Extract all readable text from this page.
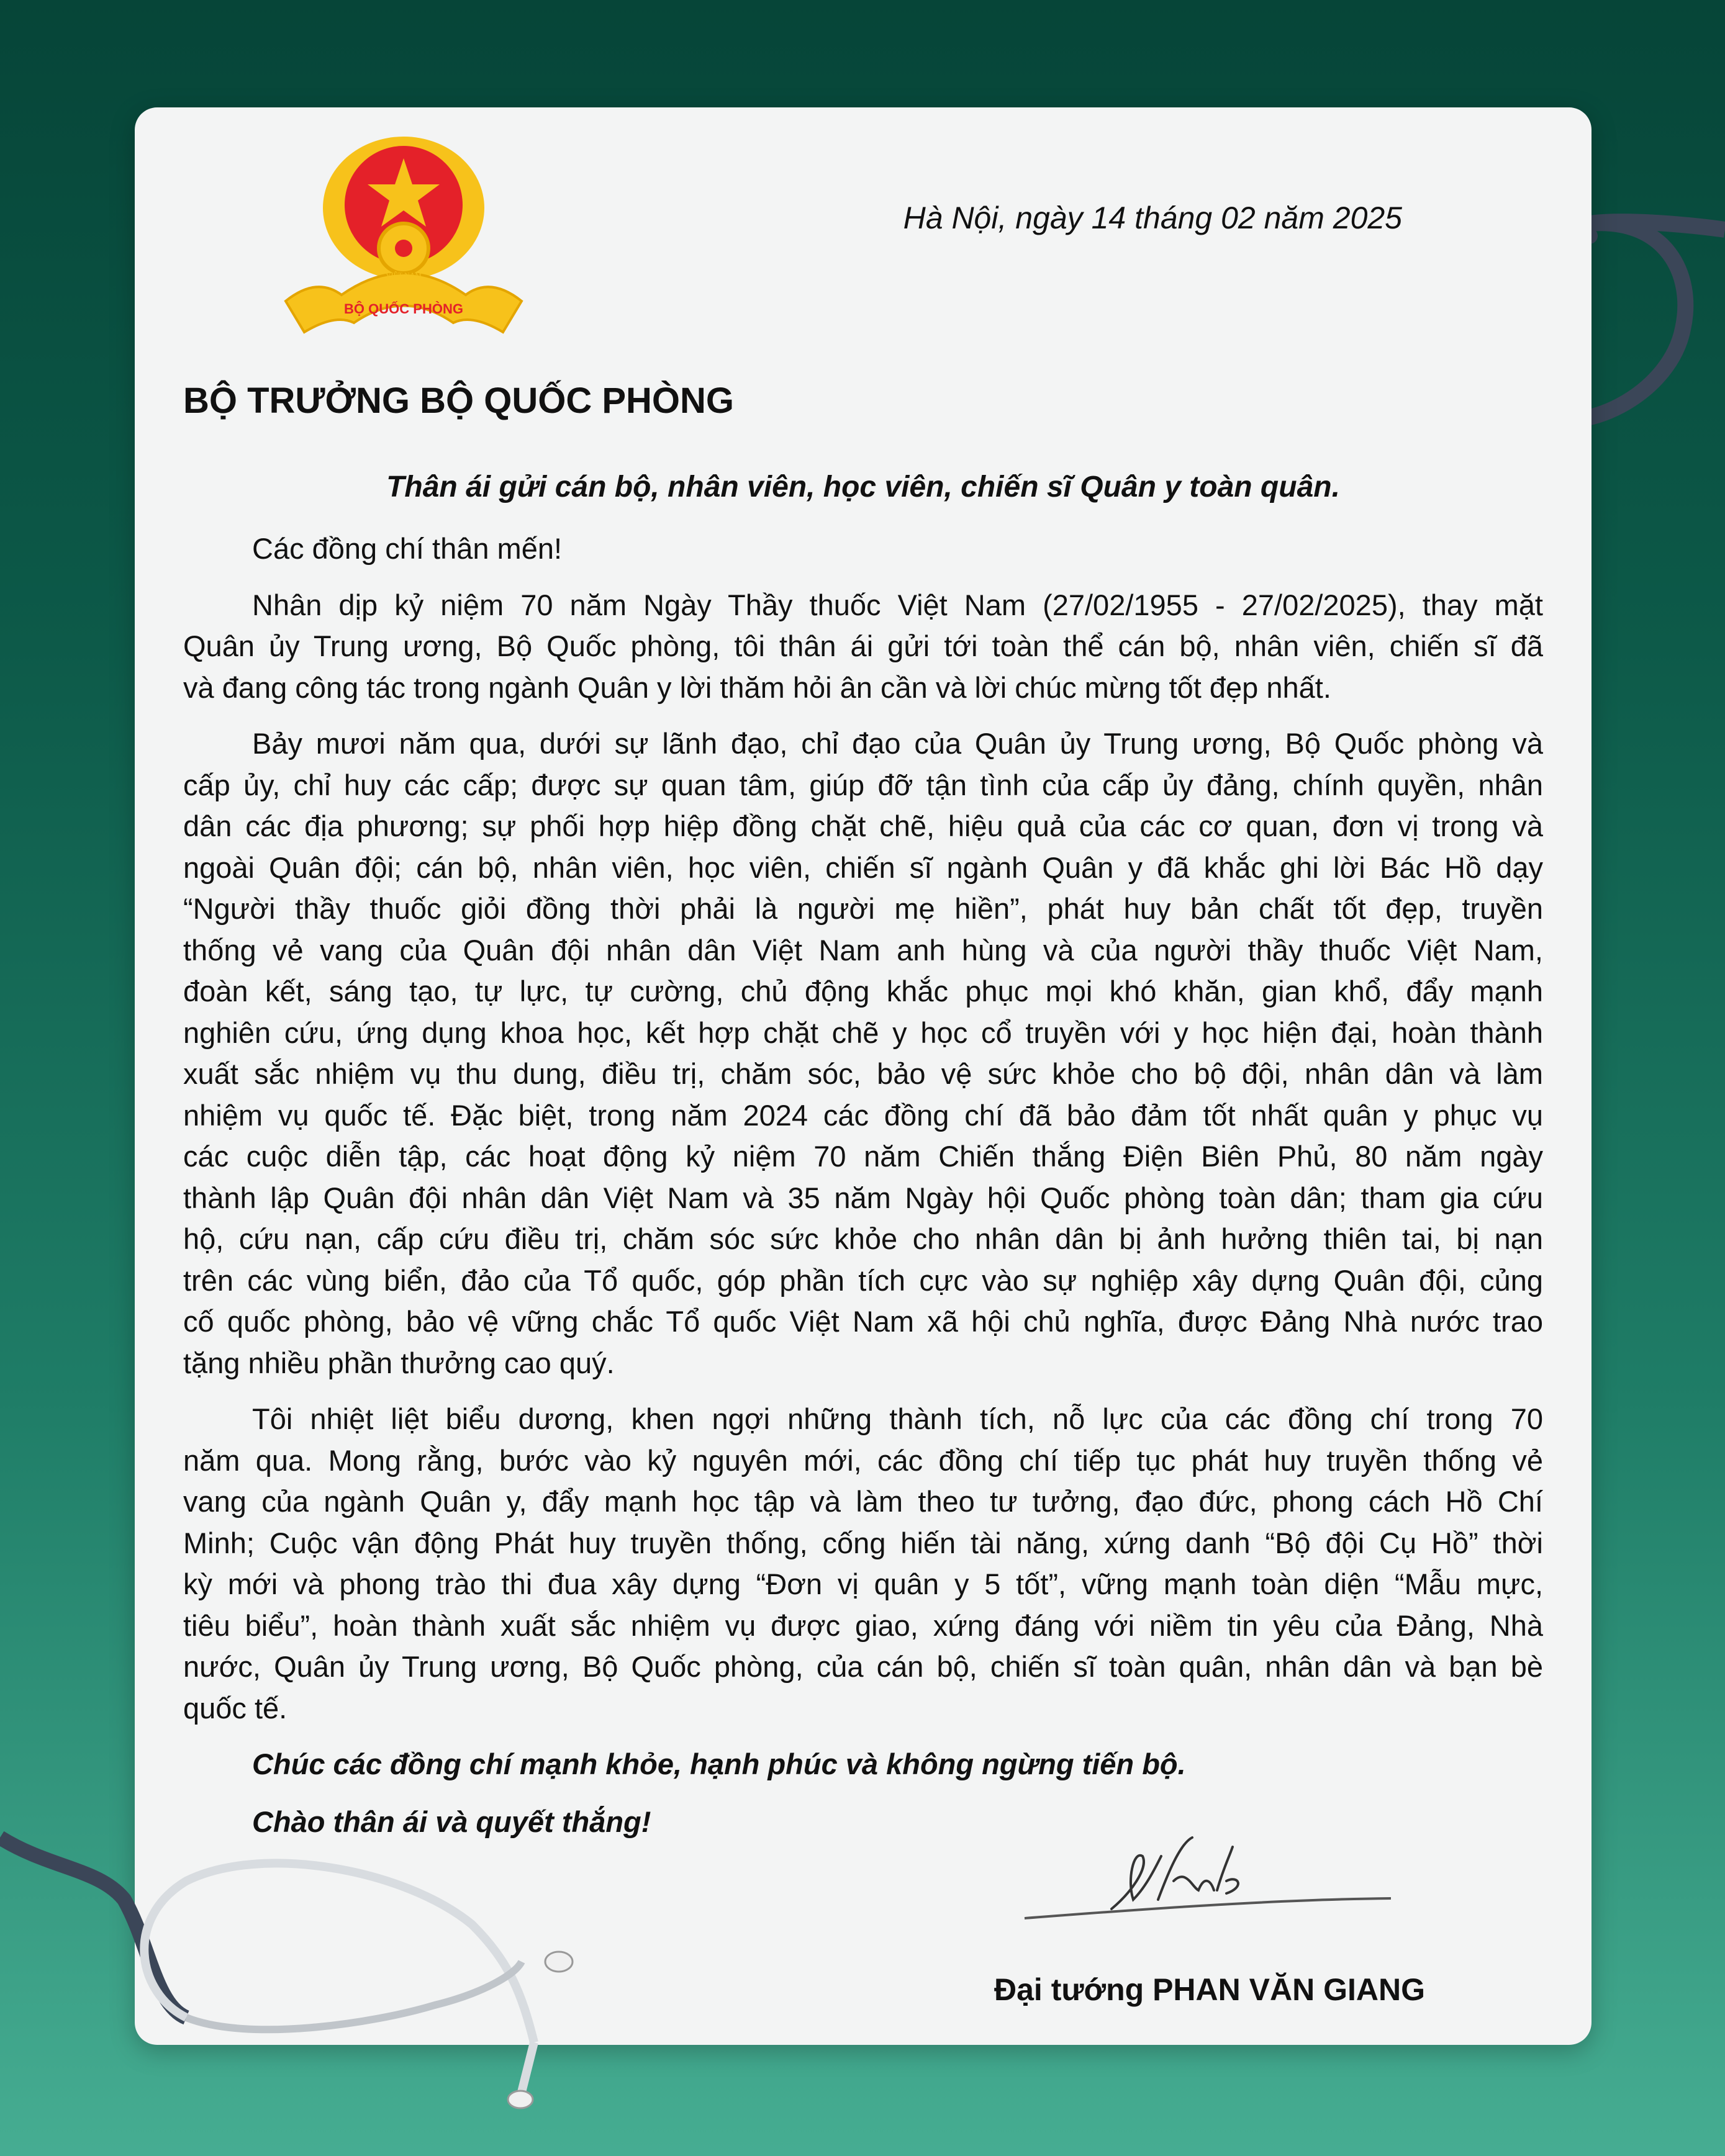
BỘ QUỐC PHÒNG
VIỆT NAM
Hà Nội, ngày 14 tháng 02 năm 2025
BỘ TRƯỞNG BỘ QUỐC PHÒNG
Thân ái gửi cán bộ, nhân viên, học viên, chiến sĩ Quân y toàn quân.
Các đồng chí thân mến!
Nhân dịp kỷ niệm 70 năm Ngày Thầy thuốc Việt Nam (27/02/1955 - 27/02/2025), thay mặt
Quân ủy Trung ương, Bộ Quốc phòng, tôi thân ái gửi tới toàn thể cán bộ, nhân viên, chiến sĩ đã
và đang công tác trong ngành Quân y lời thăm hỏi ân cần và lời chúc mừng tốt đẹp nhất.
Bảy mươi năm qua, dưới sự lãnh đạo, chỉ đạo của Quân ủy Trung ương, Bộ Quốc phòng và
cấp ủy, chỉ huy các cấp; được sự quan tâm, giúp đỡ tận tình của cấp ủy đảng, chính quyền, nhân
dân các địa phương; sự phối hợp hiệp đồng chặt chẽ, hiệu quả của các cơ quan, đơn vị trong và
ngoài Quân đội; cán bộ, nhân viên, học viên, chiến sĩ ngành Quân y đã khắc ghi lời Bác Hồ dạy
“Người thầy thuốc giỏi đồng thời phải là người mẹ hiền”, phát huy bản chất tốt đẹp, truyền
thống vẻ vang của Quân đội nhân dân Việt Nam anh hùng và của người thầy thuốc Việt Nam,
đoàn kết, sáng tạo, tự lực, tự cường, chủ động khắc phục mọi khó khăn, gian khổ, đẩy mạnh
nghiên cứu, ứng dụng khoa học, kết hợp chặt chẽ y học cổ truyền với y học hiện đại, hoàn thành
xuất sắc nhiệm vụ thu dung, điều trị, chăm sóc, bảo vệ sức khỏe cho bộ đội, nhân dân và làm
nhiệm vụ quốc tế. Đặc biệt, trong năm 2024 các đồng chí đã bảo đảm tốt nhất quân y phục vụ
các cuộc diễn tập, các hoạt động kỷ niệm 70 năm Chiến thắng Điện Biên Phủ, 80 năm ngày
thành lập Quân đội nhân dân Việt Nam và 35 năm Ngày hội Quốc phòng toàn dân; tham gia cứu
hộ, cứu nạn, cấp cứu điều trị, chăm sóc sức khỏe cho nhân dân bị ảnh hưởng thiên tai, bị nạn
trên các vùng biển, đảo của Tổ quốc, góp phần tích cực vào sự nghiệp xây dựng Quân đội, củng
cố quốc phòng, bảo vệ vững chắc Tổ quốc Việt Nam xã hội chủ nghĩa, được Đảng Nhà nước trao
tặng nhiều phần thưởng cao quý.
Tôi nhiệt liệt biểu dương, khen ngợi những thành tích, nỗ lực của các đồng chí trong 70
năm qua. Mong rằng, bước vào kỷ nguyên mới, các đồng chí tiếp tục phát huy truyền thống vẻ
vang của ngành Quân y, đẩy mạnh học tập và làm theo tư tưởng, đạo đức, phong cách Hồ Chí
Minh; Cuộc vận động Phát huy truyền thống, cống hiến tài năng, xứng danh “Bộ đội Cụ Hồ” thời
kỳ mới và phong trào thi đua xây dựng “Đơn vị quân y 5 tốt”, vững mạnh toàn diện “Mẫu mực,
tiêu biểu”, hoàn thành xuất sắc nhiệm vụ được giao, xứng đáng với niềm tin yêu của Đảng, Nhà
nước, Quân ủy Trung ương, Bộ Quốc phòng, của cán bộ, chiến sĩ toàn quân, nhân dân và bạn bè
quốc tế.
Chúc các đồng chí mạnh khỏe, hạnh phúc và không ngừng tiến bộ.
Chào thân ái và quyết thắng!
Đại tướng PHAN VĂN GIANG
